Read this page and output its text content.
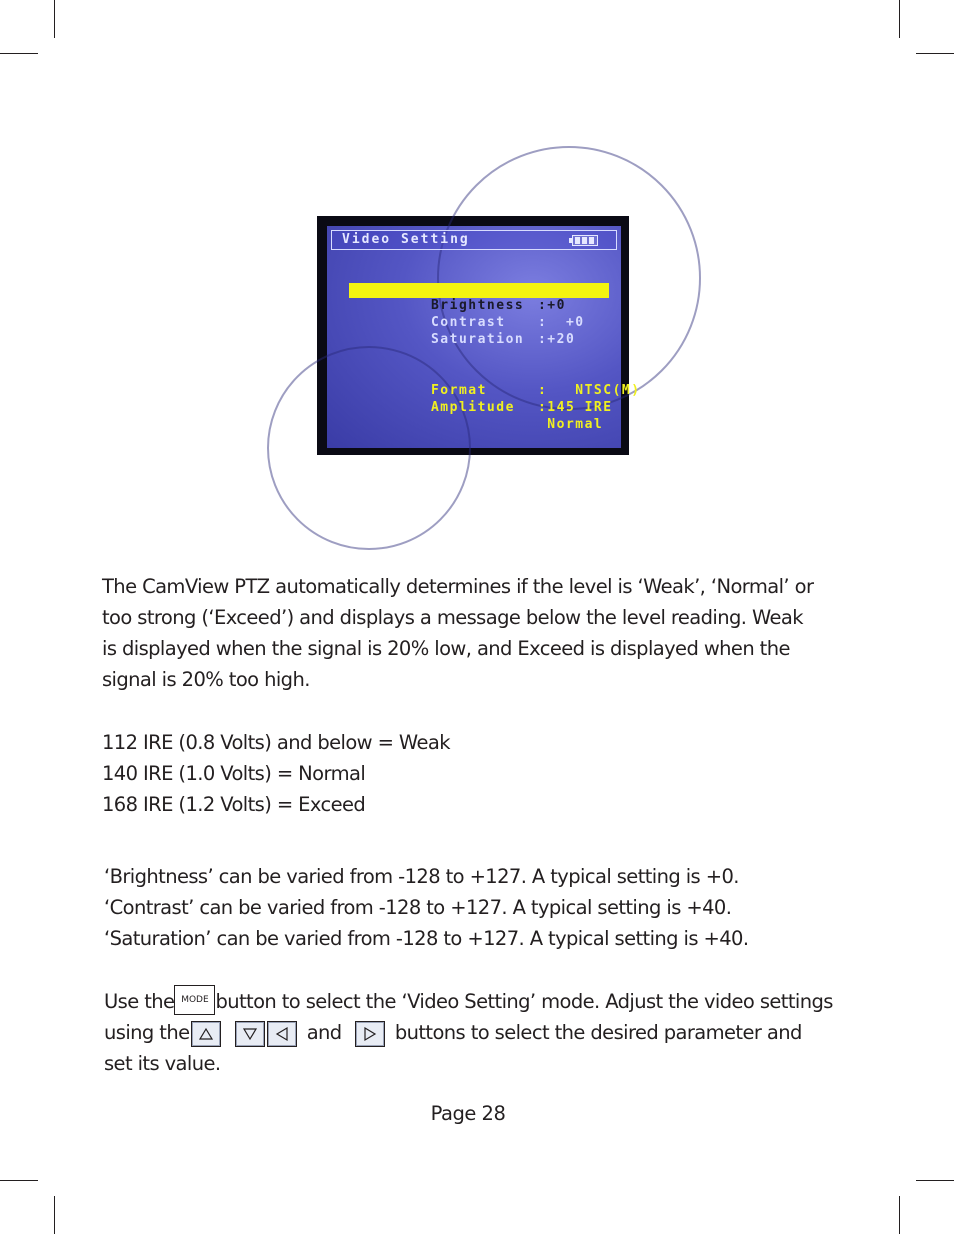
Video Setting

Brightness :+0

Contrast :  +0

Saturation :+20

Format	:   NTSC(M)

Amplitude :145 IRE

Normal

The CamView PTZ automatically determines if the level is ‘Weak’, ‘Normal’ or
too strong (‘Exceed’) and displays a message below the level reading. Weak
is displayed when the signal is 20% low, and Exceed is displayed when the
signal is 20% too high.
112 IRE (0.8 Volts) and below = Weak
140 IRE (1.0 Volts) = Normal
168 IRE (1.2 Volts) = Exceed
‘Brightness’ can be varied from -128 to +127. A typical setting is +0.
‘Contrast’ can be varied from -128 to +127. A typical setting is +40.
‘Saturation’ can be varied from -128 to +127. A typical setting is +40.
Use the MODE button to select the ‘Video Setting’ mode. Adjust the video settings
using the
	and	buttons to select the desired parameter and
set its value.
Page 28
